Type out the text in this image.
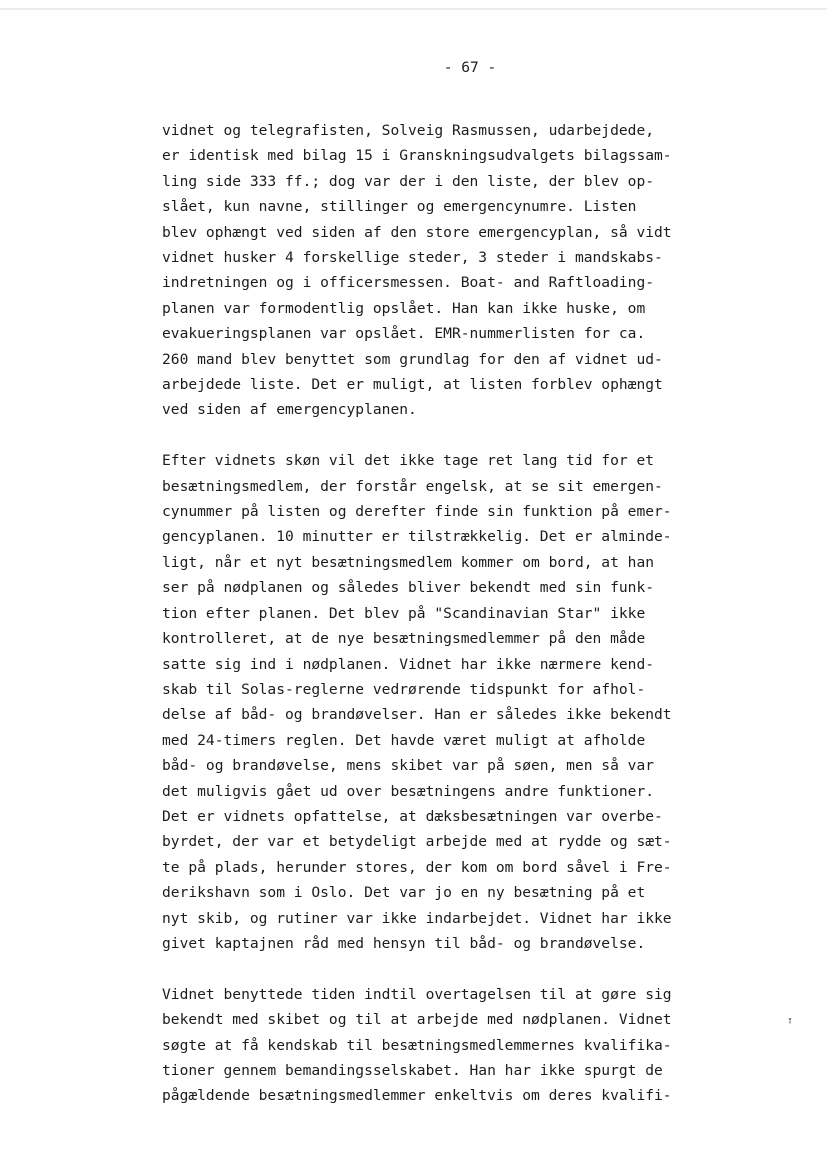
- 67 -

vidnet og telegrafisten, Solveig Rasmussen, udarbejdede,
er identisk med bilag 15 i Granskningsudvalgets bilagssam-
ling side 333 ff.; dog var der i den liste, der blev op-
slået, kun navne, stillinger og emergencynumre. Listen
blev ophængt ved siden af den store emergencyplan, så vidt
vidnet husker 4 forskellige steder, 3 steder i mandskabs-
indretningen og i officersmessen. Boat- and Raftloading-
planen var formodentlig opslået. Han kan ikke huske, om
evakueringsplanen var opslået. EMR-nummerlisten for ca.
260 mand blev benyttet som grundlag for den af vidnet ud-
arbejdede liste. Det er muligt, at listen forblev ophængt
ved siden af emergencyplanen.

Efter vidnets skøn vil det ikke tage ret lang tid for et
besætningsmedlem, der forstår engelsk, at se sit emergen-
cynummer på listen og derefter finde sin funktion på emer-
gencyplanen. 10 minutter er tilstrækkelig. Det er alminde-
ligt, når et nyt besætningsmedlem kommer om bord, at han
ser på nødplanen og således bliver bekendt med sin funk-
tion efter planen. Det blev på "Scandinavian Star" ikke
kontrolleret, at de nye besætningsmedlemmer på den måde
satte sig ind i nødplanen. Vidnet har ikke nærmere kend-
skab til Solas-reglerne vedrørende tidspunkt for afhol-
delse af båd- og brandøvelser. Han er således ikke bekendt
med 24-timers reglen. Det havde været muligt at afholde
båd- og brandøvelse, mens skibet var på søen, men så var
det muligvis gået ud over besætningens andre funktioner.
Det er vidnets opfattelse, at dæksbesætningen var overbe-
byrdet, der var et betydeligt arbejde med at rydde og sæt-
te på plads, herunder stores, der kom om bord såvel i Fre-
derikshavn som i Oslo. Det var jo en ny besætning på et
nyt skib, og rutiner var ikke indarbejdet. Vidnet har ikke
givet kaptajnen råd med hensyn til båd- og brandøvelse.

Vidnet benyttede tiden indtil overtagelsen til at gøre sig
bekendt med skibet og til at arbejde med nødplanen. Vidnet
søgte at få kendskab til besætningsmedlemmernes kvalifika-
tioner gennem bemandingsselskabet. Han har ikke spurgt de
pågældende besætningsmedlemmer enkeltvis om deres kvalifi-
